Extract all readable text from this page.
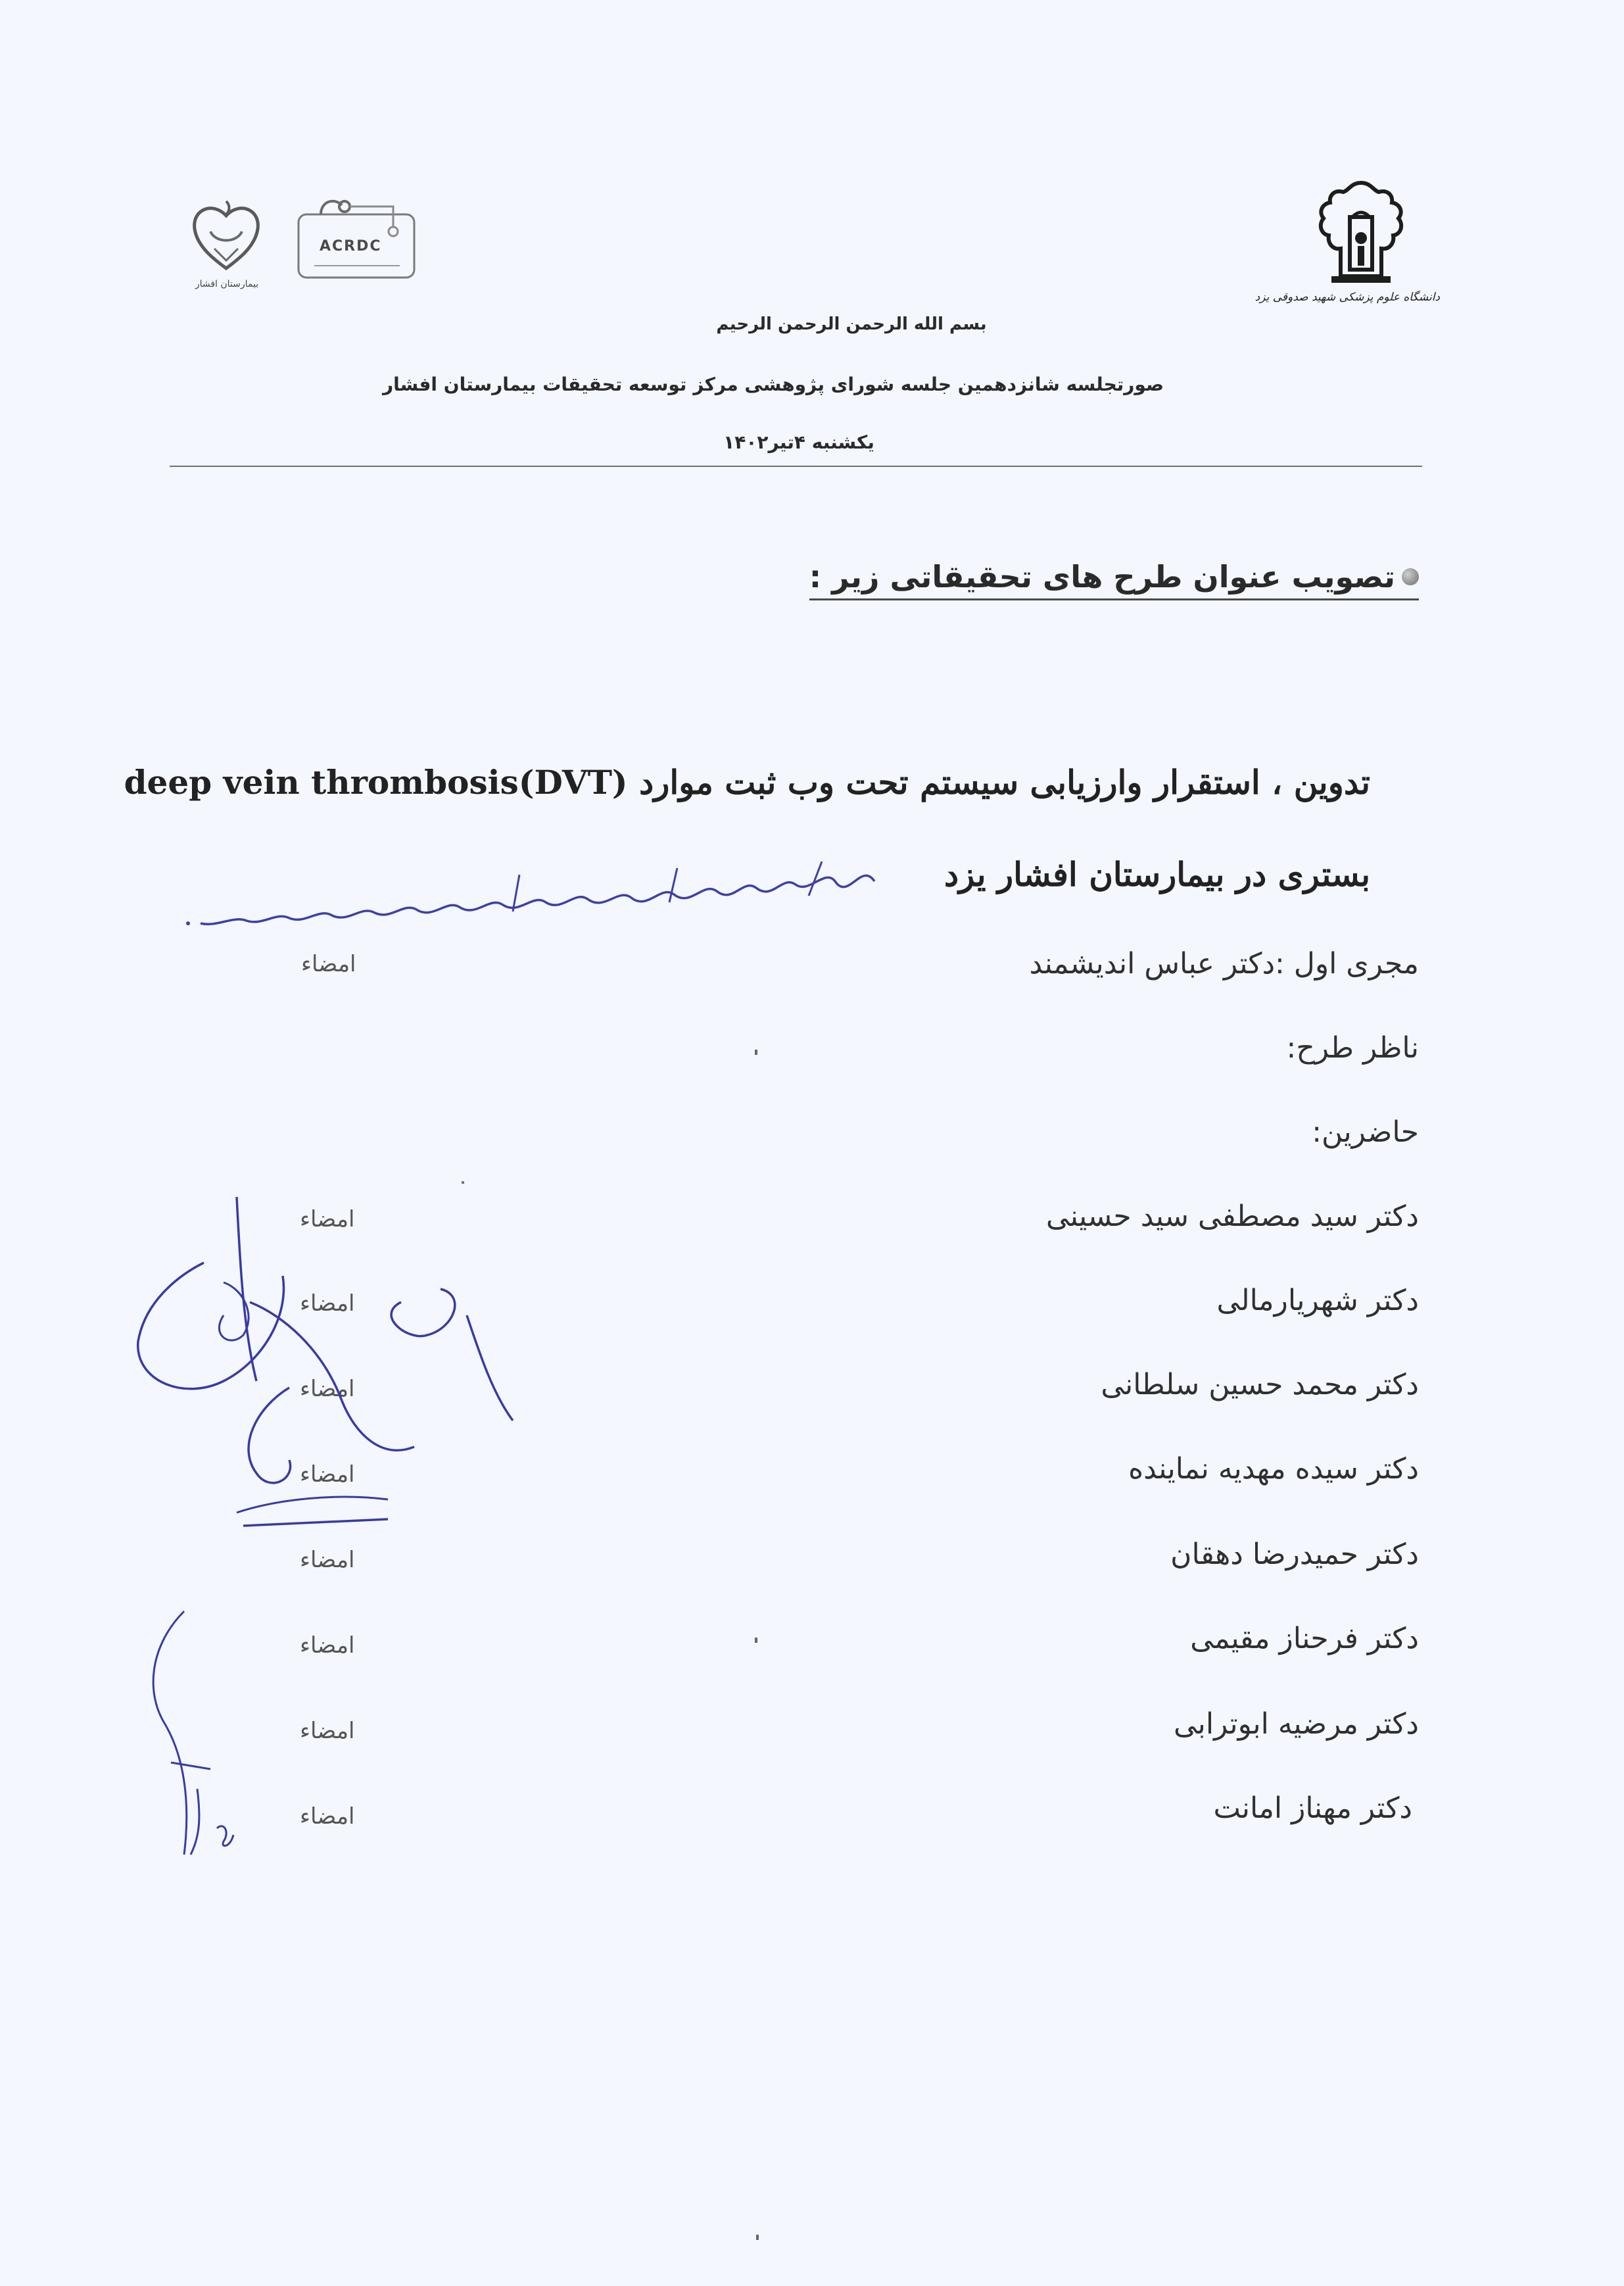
دانشگاه علوم پزشکی شهید صدوقی یزد
ACRDC
بیمارستان افشار
بسم الله الرحمن الرحمن الرحیم
صورتجلسه شانزدهمین جلسه شورای پژوهشی مرکز توسعه تحقیقات بیمارستان افشار
یکشنبه ۴تیر۱۴۰۲
تصویب عنوان طرح های تحقیقاتی زیر :
تدوین ، استقرار وارزیابی سیستم تحت وب ثبت موارد deep vein thrombosis(DVT)
بستری در بیمارستان افشار یزد
مجری اول :دکتر عباس اندیشمند
امضاء
ناظر طرح:
حاضرین:
دکتر سید مصطفی سید حسینی
امضاء
دکتر شهریارمالی
امضاء
دکتر محمد حسین سلطانی
امضاء
دکتر سیده مهدیه نماینده
امضاء
دکتر حمیدرضا دهقان
امضاء
دکتر فرحناز مقیمی
امضاء
دکتر مرضیه ابوترابی
امضاء
دکتر مهناز امانت
امضاء
